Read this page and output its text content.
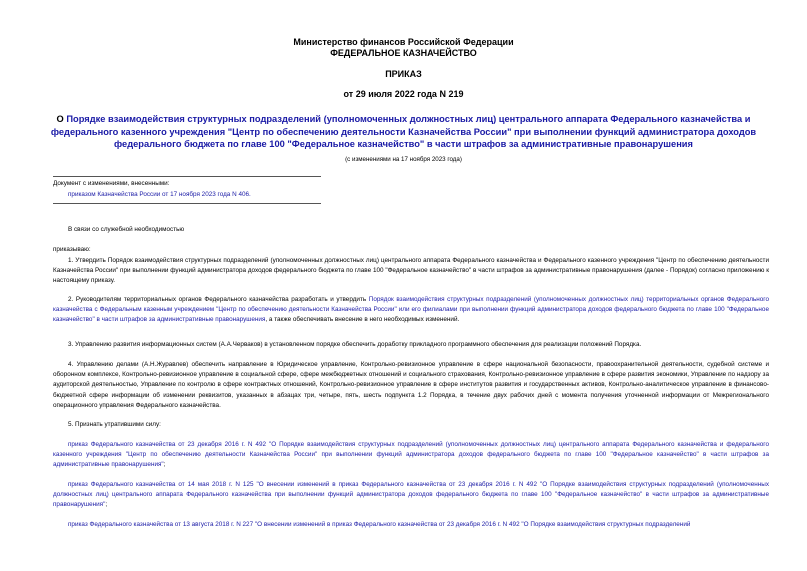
Министерство финансов Российской Федерации
ФЕДЕРАЛЬНОЕ КАЗНАЧЕЙСТВО
ПРИКАЗ
от 29 июля 2022 года N 219
О Порядке взаимодействия структурных подразделений (уполномоченных должностных лиц) центрального аппарата Федерального казначейства и федерального казенного учреждения "Центр по обеспечению деятельности Казначейства России" при выполнении функций администратора доходов федерального бюджета по главе 100 "Федеральное казначейство" в части штрафов за административные правонарушения
(с изменениями на 17 ноября 2023 года)
Документ с изменениями, внесенными:
приказом Казначейства России от 17 ноября 2023 года N 406.
В связи со служебной необходимостью
приказываю:
1. Утвердить Порядок взаимодействия структурных подразделений (уполномоченных должностных лиц) центрального аппарата Федерального казначейства и Федерального казенного учреждения "Центр по обеспечению деятельности Казначейства России" при выполнении функций администратора доходов федерального бюджета по главе 100 "Федеральное казначейство" в части штрафов за административные правонарушения (далее - Порядок) согласно приложению к настоящему приказу.
2. Руководителям территориальных органов Федерального казначейства разработать и утвердить Порядок взаимодействия структурных подразделений (уполномоченных должностных лиц) территориальных органов Федерального казначейства с Федеральным казенным учреждением "Центр по обеспечению деятельности Казначейства России" или его филиалами при выполнении функций администратора доходов федерального бюджета по главе 100 "Федеральное казначейство" в части штрафов за административные правонарушения, а также обеспечивать внесение в него необходимых изменений.
3. Управлению развития информационных систем (А.А.Черваков) в установленном порядке обеспечить доработку прикладного программного обеспечения для реализации положений Порядка.
4. Управлению делами (А.Н.Журавлев) обеспечить направление в Юридическое управление, Контрольно-ревизионное управление в сфере национальной безопасности, правоохранительной деятельности, судебной системе и оборонном комплексе, Контрольно-ревизионное управление в социальной сфере, сфере межбюджетных отношений и социального страхования, Контрольно-ревизионное управление в сфере развития экономики, Управление по надзору за аудиторской деятельностью, Управление по контролю в сфере контрактных отношений, Контрольно-ревизионное управление в сфере институтов развития и государственных активов, Контрольно-аналитическое управление в финансово-бюджетной сфере информации об изменении реквизитов, указанных в абзацах три, четыре, пять, шесть подпункта 1.2 Порядка, в течение двух рабочих дней с момента получения уточненной информации от Межрегионального операционного управления Федерального казначейства.
5. Признать утратившими силу:
приказ Федерального казначейства от 23 декабря 2016 г. N 492 "О Порядке взаимодействия структурных подразделений (уполномоченных должностных лиц) центрального аппарата Федерального казначейства и федерального казенного учреждения "Центр по обеспечению деятельности Казначейства России" при выполнении функций администратора доходов федерального бюджета по главе 100 "Федеральное казначейство" в части штрафов за административные правонарушения";
приказ Федерального казначейства от 14 мая 2018 г. N 125 "О внесении изменений в приказ Федерального казначейства от 23 декабря 2016 г. N 492 "О Порядке взаимодействия структурных подразделений (уполномоченных должностных лиц) центрального аппарата Федерального казначейства при выполнении функций администратора доходов федерального бюджета по главе 100 "Федеральное казначейство" в части штрафов за административные правонарушения";
приказ Федерального казначейства от 13 августа 2018 г. N 227 "О внесении изменений в приказ Федерального казначейства от 23 декабря 2016 г. N 492 "О Порядке взаимодействия структурных подразделений
